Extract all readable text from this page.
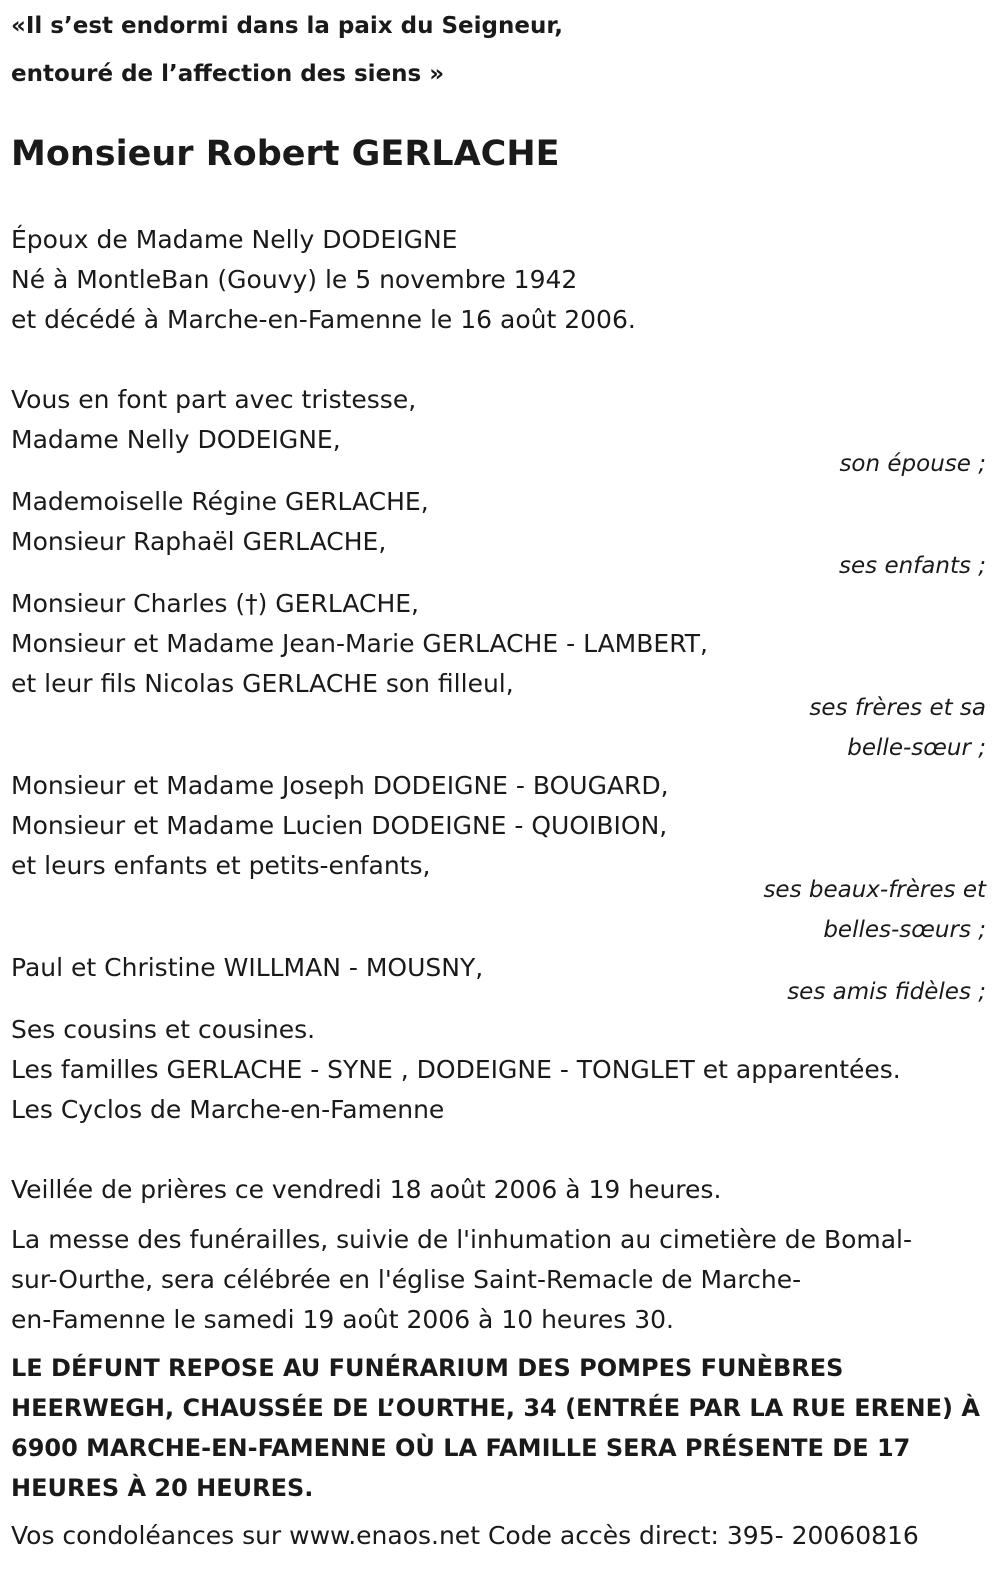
«Il s’est endormi dans la paix du Seigneur,
entouré de l’affection des siens »
Monsieur Robert GERLACHE
Époux de Madame Nelly DODEIGNE
Né à MontleBan (Gouvy) le 5 novembre 1942
et décédé à Marche-en-Famenne le 16 août 2006.
Vous en font part avec tristesse,
Madame Nelly DODEIGNE,
son épouse ;
Mademoiselle Régine GERLACHE,
Monsieur Raphaël GERLACHE,
ses enfants ;
Monsieur Charles (†) GERLACHE,
Monsieur et Madame Jean-Marie GERLACHE - LAMBERT,
et leur fils Nicolas GERLACHE son filleul,
ses frères et sa
belle-sœur ;
Monsieur et Madame Joseph DODEIGNE - BOUGARD,
Monsieur et Madame Lucien DODEIGNE - QUOIBION,
et leurs enfants et petits-enfants,
ses beaux-frères et
belles-sœurs ;
Paul et Christine WILLMAN - MOUSNY,
ses amis fidèles ;
Ses cousins et cousines.
Les familles GERLACHE - SYNE , DODEIGNE - TONGLET et apparentées.
Les Cyclos de Marche-en-Famenne
Veillée de prières ce vendredi 18 août 2006 à 19 heures.
La messe des funérailles, suivie de l'inhumation au cimetière de Bomal-
sur-Ourthe, sera célébrée en l'église Saint-Remacle de Marche-
en-Famenne le samedi 19 août 2006 à 10 heures 30.
LE DÉFUNT REPOSE AU FUNÉRARIUM DES POMPES FUNÈBRES
HEERWEGH, CHAUSSÉE DE L’OURTHE, 34 (ENTRÉE PAR LA RUE ERENE) À
6900 MARCHE-EN-FAMENNE OÙ LA FAMILLE SERA PRÉSENTE DE 17
HEURES À 20 HEURES.
Vos condoléances sur www.enaos.net Code accès direct: 395- 20060816
